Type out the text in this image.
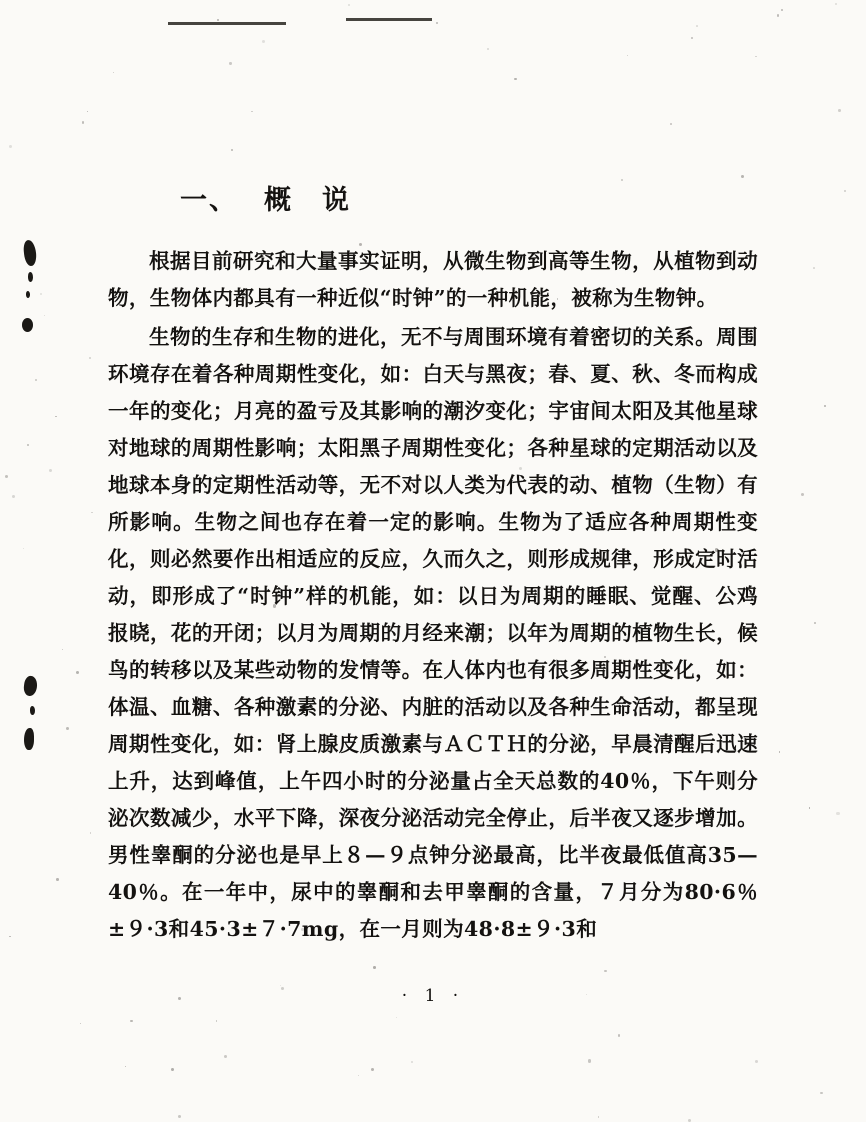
一、 概　说

根据目前研究和大量事实证明，从微生物到高等生物，从植物到动物，生物体内都具有一种近似“时钟”的一种机能，被称为生物钟。

生物的生存和生物的进化，无不与周围环境有着密切的关系。周围环境存在着各种周期性变化，如：白天与黑夜；春、夏、秋、冬而构成一年的变化；月亮的盈亏及其影响的潮汐变化；宇宙间太阳及其他星球对地球的周期性影响；太阳黑子周期性变化；各种星球的定期活动以及地球本身的定期性活动等，无不对以人类为代表的动、植物（生物）有所影响。生物之间也存在着一定的影响。生物为了适应各种周期性变化，则必然要作出相适应的反应，久而久之，则形成规律，形成定时活动，即形成了“时钟”样的机能，如：以日为周期的睡眠、觉醒、公鸡报晓，花的开闭；以月为周期的月经来潮；以年为周期的植物生长，候鸟的转移以及某些动物的发情等。在人体内也有很多周期性变化，如：体温、血糖、各种激素的分泌、内脏的活动以及各种生命活动，都呈现周期性变化，如：肾上腺皮质激素与ＡＣＴＨ的分泌，早晨清醒后迅速上升，达到峰值，上午四小时的分泌量占全天总数的40％，下午则分泌次数减少，水平下降，深夜分泌活动完全停止，后半夜又逐步增加。男性睾酮的分泌也是早上８—９点钟分泌最高，比半夜最低值高35—40％。在一年中，尿中的睾酮和去甲睾酮的含量，７月分为80·6％±９·3和45·3±７·7mg，在一月则为48·8±９·3和

· 1 ·
